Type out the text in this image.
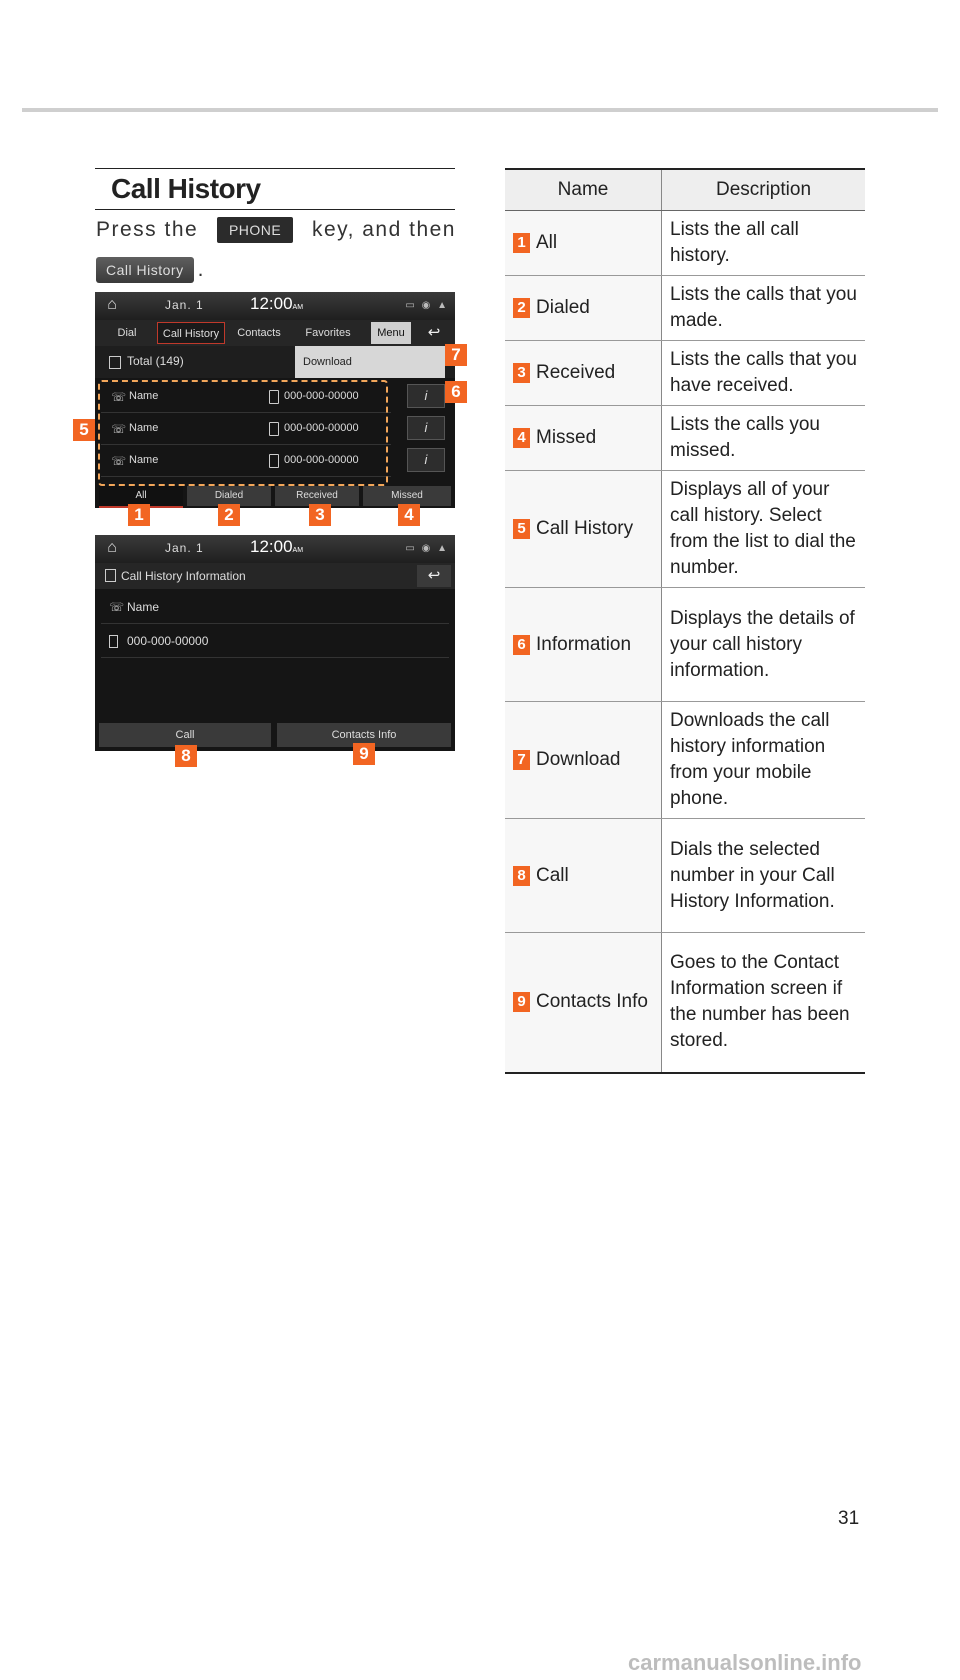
Call History
Press the	PHONE	key, and then
Call History .
⌂	Jan. 1	12:00AM	▭ ◉ ▲
Dial	Call History	Contacts	Favorites	Menu	↩
Total (149)	Download
☏ Name	000-000-00000
☏ Name	000-000-00000
☏ Name	000-000-00000
i
i
i
All	Dialed	Received	Missed
1	2	3	4
5
6
7
⌂	Jan. 1	12:00AM	▭ ◉ ▲
Call History Information	↩
☏ Name
000-000-00000
Call	Contacts Info
8	9
Name	Description

1 All	Lists the all call history.

2 Dialed	Lists the calls that you made.

3 Received	Lists the calls that you have received.

4 Missed	Lists the calls you missed.

5 Call History	Displays all of your call history. Select from the list to dial the number.

6 Information	Displays the details of your call history information.

7 Download	Downloads the call history information from your mobile phone.

8 Call	Dials the selected number in your Call History Information.

9 Contacts Info	Goes to the Contact Information screen if the number has been stored.
31
carmanualsonline.info
